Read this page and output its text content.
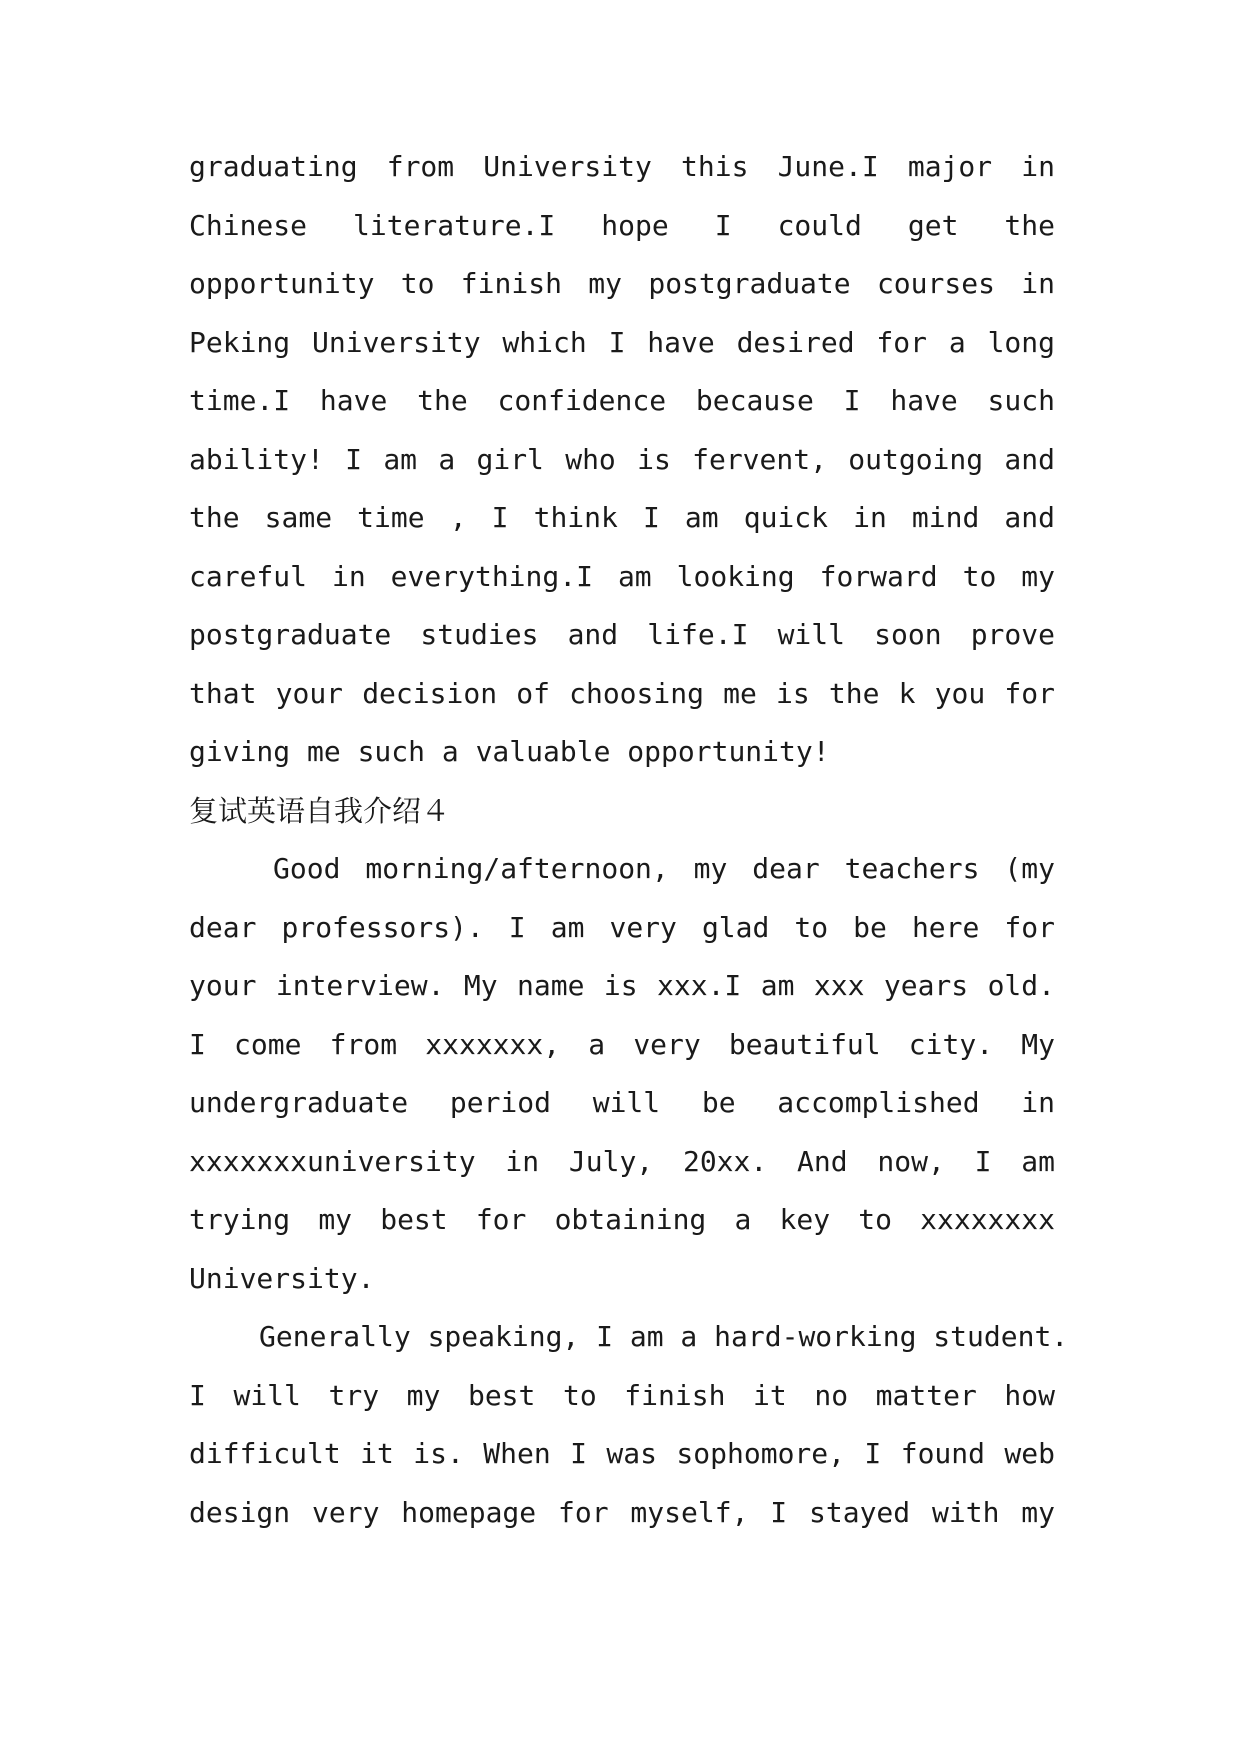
graduating from University this June.I major in
Chinese literature.I hope I could get the
opportunity to finish my postgraduate courses in
Peking University which I have desired for a long
time.I have the confidence because I have such
ability! I am a girl who is fervent, outgoing and
the same time , I think I am quick in mind and
careful in everything.I am looking forward to my
postgraduate studies and life.I will soon prove
that your decision of choosing me is the k you for
giving me such a valuable opportunity!
复试英语自我介绍４
Good morning/afternoon, my dear teachers (my
dear professors). I am very glad to be here for
your interview. My name is xxx.I am xxx years old.
I come from xxxxxxx, a very beautiful city. My
undergraduate period will be accomplished in
xxxxxxxuniversity in July, 20xx. And now, I am
trying my best for obtaining a key to xxxxxxxx
University.
Generally speaking, I am a hard-working student.
I will try my best to finish it no matter how
difficult it is. When I was sophomore, I found web
design very homepage for myself, I stayed with my
